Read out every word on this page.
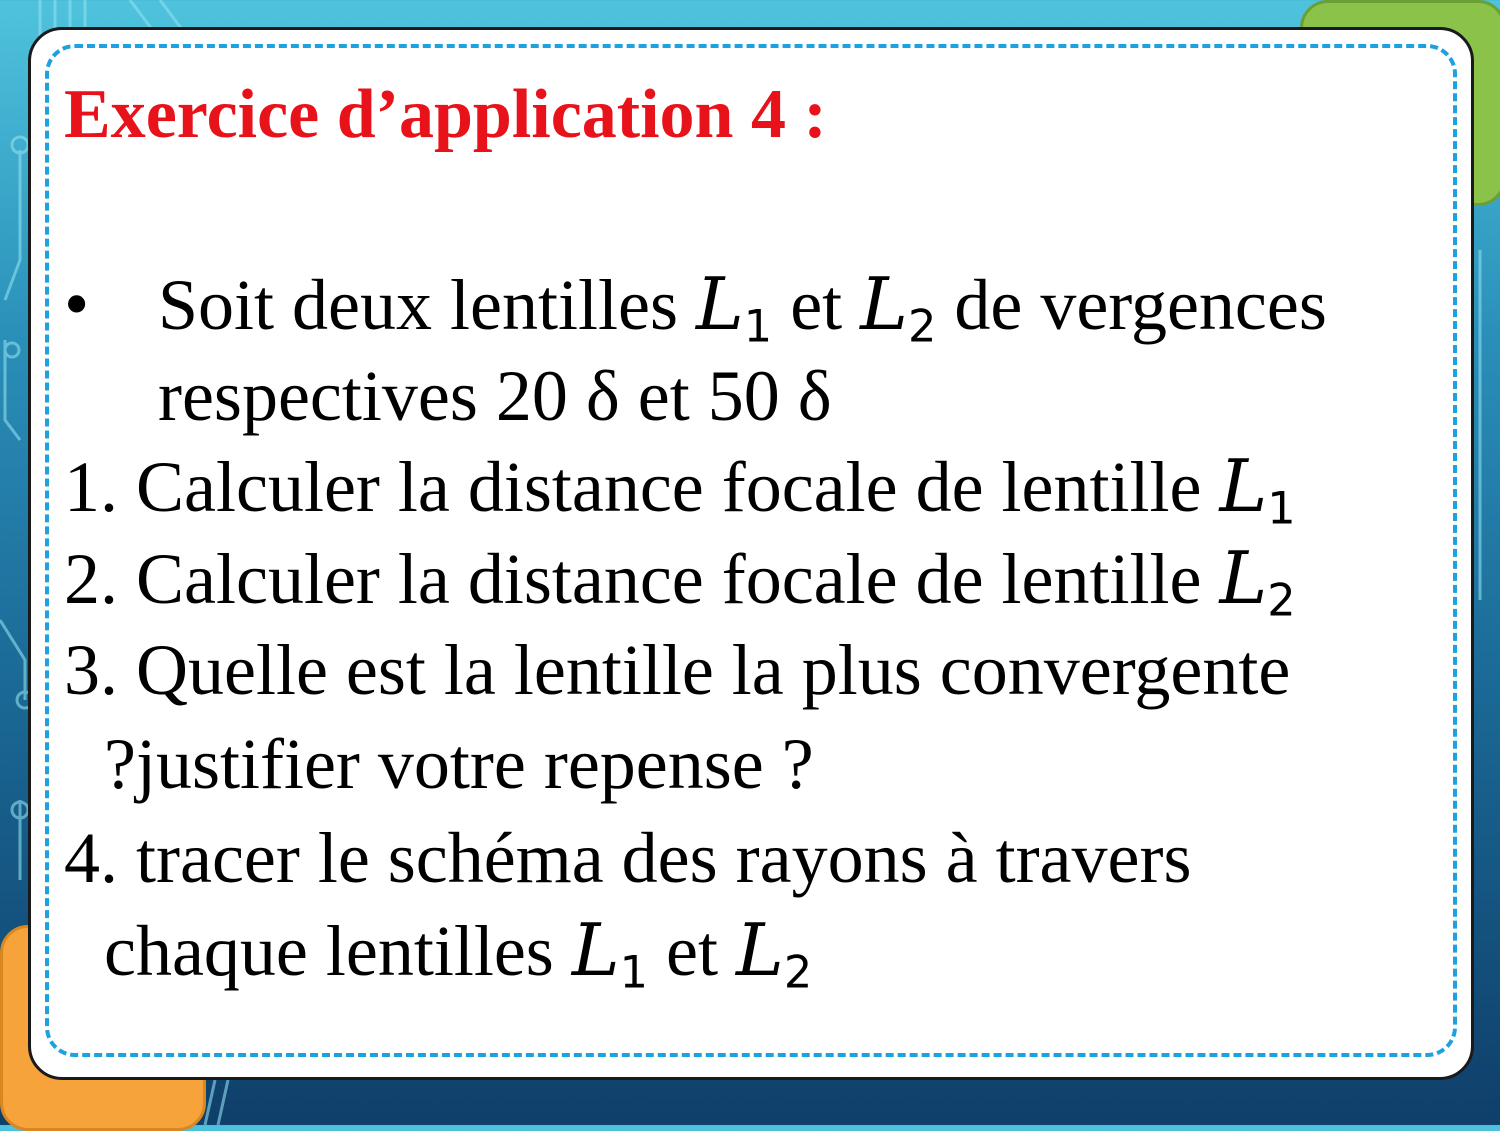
Exercice d’application 4 :
• Soit deux lentilles $L_1$ et $L_2$ de vergences
respectives 20 δ et 50 δ
1. Calculer la distance focale de lentille $L_1$
2. Calculer la distance focale de lentille $L_2$
3. Quelle est la lentille la plus convergente
?justifier votre repense ?
4. tracer le schéma des rayons à travers
chaque lentilles $L_1$ et $L_2$
